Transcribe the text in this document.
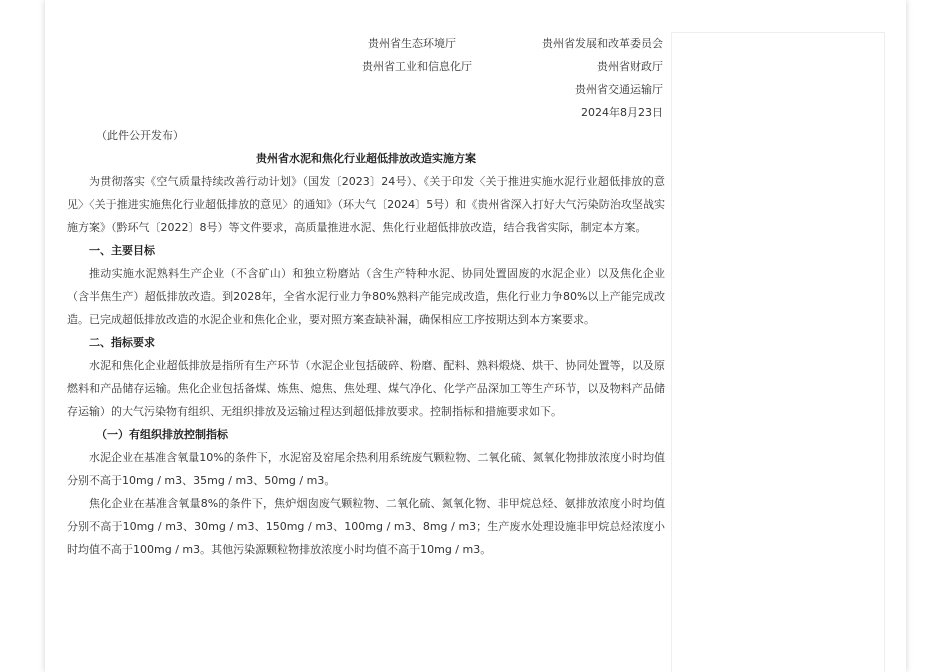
贵州省生态环境厅	贵州省发展和改革委员会
贵州省工业和信息化厅	贵州省财政厅
贵州省交通运输厅
2024年8月23日
（此件公开发布）
贵州省水泥和焦化行业超低排放改造实施方案

为贯彻落实《空气质量持续改善行动计划》（国发〔2023〕24号）、《关于印发〈关于推进实施水泥行业超低排放的意见〉〈关于推进实施焦化行业超低排放的意见〉的通知》（环大气〔2024〕5号）和《贵州省深入打好大气污染防治攻坚战实施方案》（黔环气〔2022〕8号）等文件要求，高质量推进水泥、焦化行业超低排放改造，结合我省实际，制定本方案。

一、主要目标

推动实施水泥熟料生产企业（不含矿山）和独立粉磨站（含生产特种水泥、协同处置固废的水泥企业）以及焦化企业（含半焦生产）超低排放改造。到2028年，全省水泥行业力争80%熟料产能完成改造，焦化行业力争80%以上产能完成改造。已完成超低排放改造的水泥企业和焦化企业，要对照方案查缺补漏，确保相应工序按期达到本方案要求。

二、指标要求

水泥和焦化企业超低排放是指所有生产环节（水泥企业包括破碎、粉磨、配料、熟料煅烧、烘干、协同处置等，以及原燃料和产品储存运输。焦化企业包括备煤、炼焦、熄焦、焦处理、煤气净化、化学产品深加工等生产环节，以及物料产品储存运输）的大气污染物有组织、无组织排放及运输过程达到超低排放要求。控制指标和措施要求如下。

（一）有组织排放控制指标

水泥企业在基准含氧量10%的条件下，水泥窑及窑尾余热利用系统废气颗粒物、二氧化硫、氮氧化物排放浓度小时均值分别不高于10mg / m3、35mg / m3、50mg / m3。

焦化企业在基准含氧量8%的条件下，焦炉烟囱废气颗粒物、二氧化硫、氮氧化物、非甲烷总烃、氨排放浓度小时均值分别不高于10mg / m3、30mg / m3、150mg / m3、100mg / m3、8mg / m3；生产废水处理设施非甲烷总烃浓度小时均值不高于100mg / m3。其他污染源颗粒物排放浓度小时均值不高于10mg / m3。
